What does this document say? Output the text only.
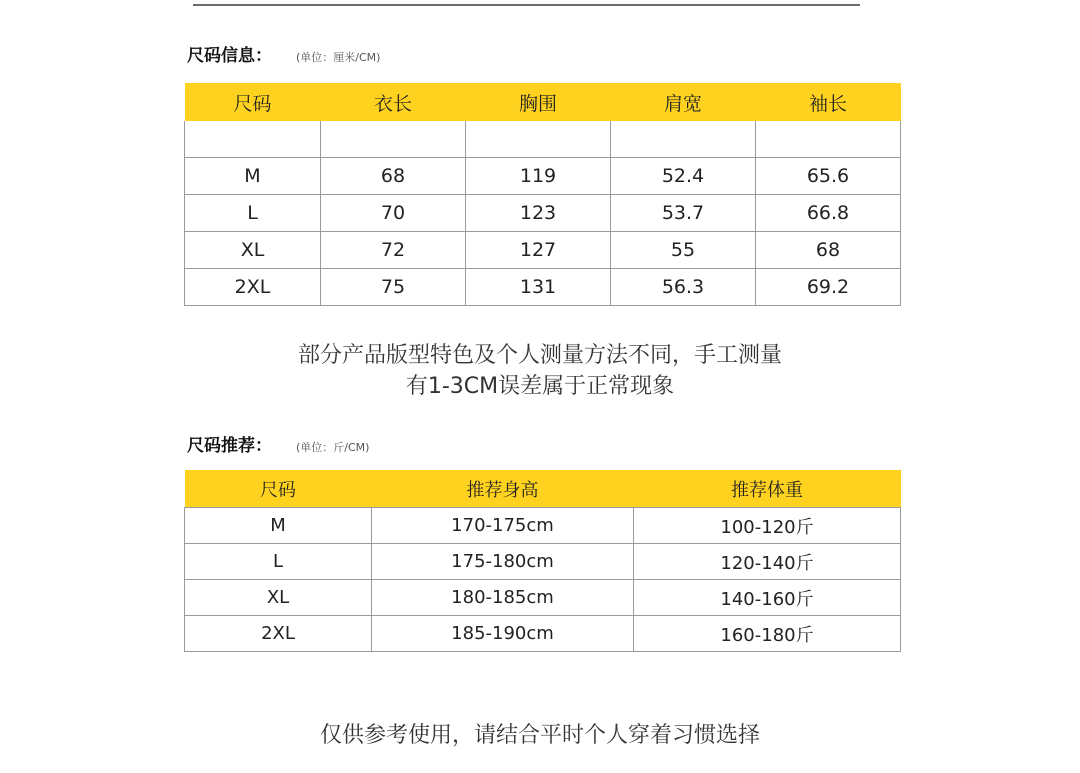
尺码信息： (单位：厘米/CM)
尺码	衣长	胸围	肩宽	袖长

M	68	119	52.4	65.6
L	70	123	53.7	66.8
XL	72	127	55	68
2XL	75	131	56.3	69.2
部分产品版型特色及个人测量方法不同，手工测量
有1-3CM误差属于正常现象
尺码推荐： (单位：斤/CM)
尺码	推荐身高	推荐体重
M	170-175cm	100-120斤
L	175-180cm	120-140斤
XL	180-185cm	140-160斤
2XL	185-190cm	160-180斤
仅供参考使用，请结合平时个人穿着习惯选择
